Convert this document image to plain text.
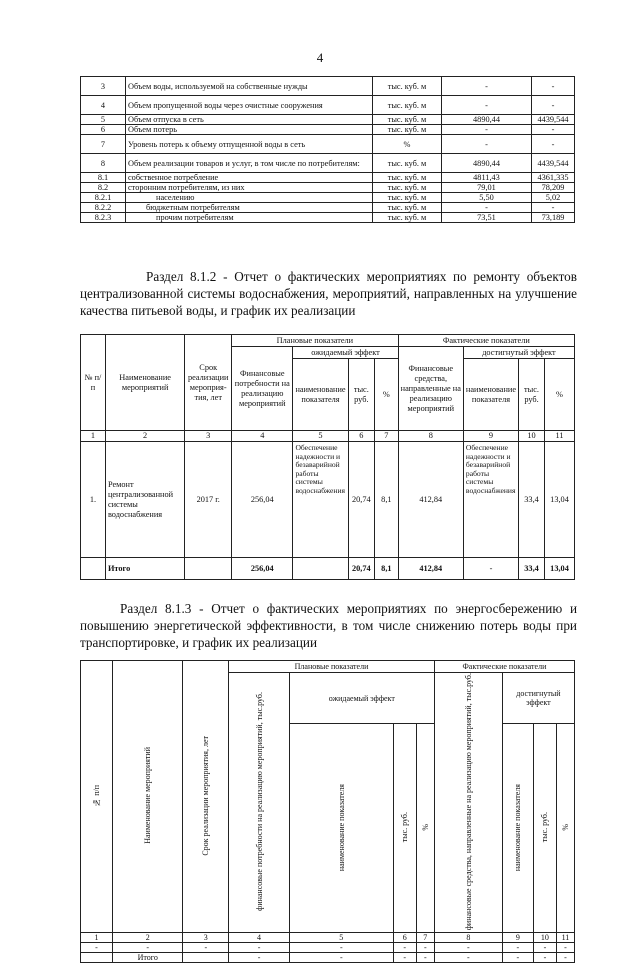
4
3	Объем воды, используемой на собственные нужды	тыс. куб. м	-	-
4	Объем пропущенной воды через очистные сооружения	тыс. куб. м	-	-
5	Объем отпуска в сеть	тыс. куб. м	4890,44	4439,544
6	Объем потерь	тыс. куб. м	-	-
7	Уровень потерь к объему отпущенной воды в сеть	%	-	-
8	Объем реализации товаров и услуг, в том числе по потребителям:	тыс. куб. м	4890,44	4439,544
8.1	собственное потребление	тыс. куб. м	4811,43	4361,335
8.2	сторонним потребителям, из них	тыс. куб. м	79,01	78,209
8.2.1	населению	тыс. куб. м	5,50	5,02
8.2.2	бюджетным потребителям	тыс. куб. м	-	-
8.2.3	прочим потребителям	тыс. куб. м	73,51	73,189

Раздел 8.1.2 - Отчет о фактических мероприятиях по ремонту объектов централизованной системы водоснабжения, мероприятий, направленных на улучшение качества питьевой воды, и график их реализации

№ п/ п	Наименование мероприятий	Срок реализации мероприя- тия, лет	Плановые показатели				Фактические показатели			
			Финансовые потребности на реализацию мероприятий	ожидаемый эффект			Финансовые средства, направленные на реализацию мероприятий	достигнутый эффект		
				наименование показателя	тыс. руб.	%		наименование показателя	тыс. руб.	%
1	2	3	4	5	6	7	8	9	10	11
1.	Ремонт централизованной системы водоснабжения	2017 г.	256,04	Обеспечение надежности и безаварийной работы системы водоснабжения	20,74	8,1	412,84	Обеспечение надежности и безаварийной работы системы водоснабжения	33,4	13,04
	Итого		256,04		20,74	8,1	412,84	-	33,4	13,04

Раздел 8.1.3 - Отчет о фактических мероприятиях по энергосбережению и повышению энергетической эффективности, в том числе снижению потерь воды при транспортировке, и график их реализации

№ п/п	Наименование мероприятий	Срок реализации мероприятия, лет	Плановые показатели				Фактические показатели			
			финансовые потребности на реализацию мероприятий, тыс.руб.	ожидаемый эффект			финансовые средства, направленные на реализацию мероприятий, тыс.руб.	достигнутый эффект		
				наименование показателя	тыс. руб.	%		наименование показателя	тыс. руб.	%
1	2	3	4	5	6	7	8	9	10	11
-	-	-	-	-	-	-	-	-	-	-
	Итого		-	-	-	-	-	-	-	-
